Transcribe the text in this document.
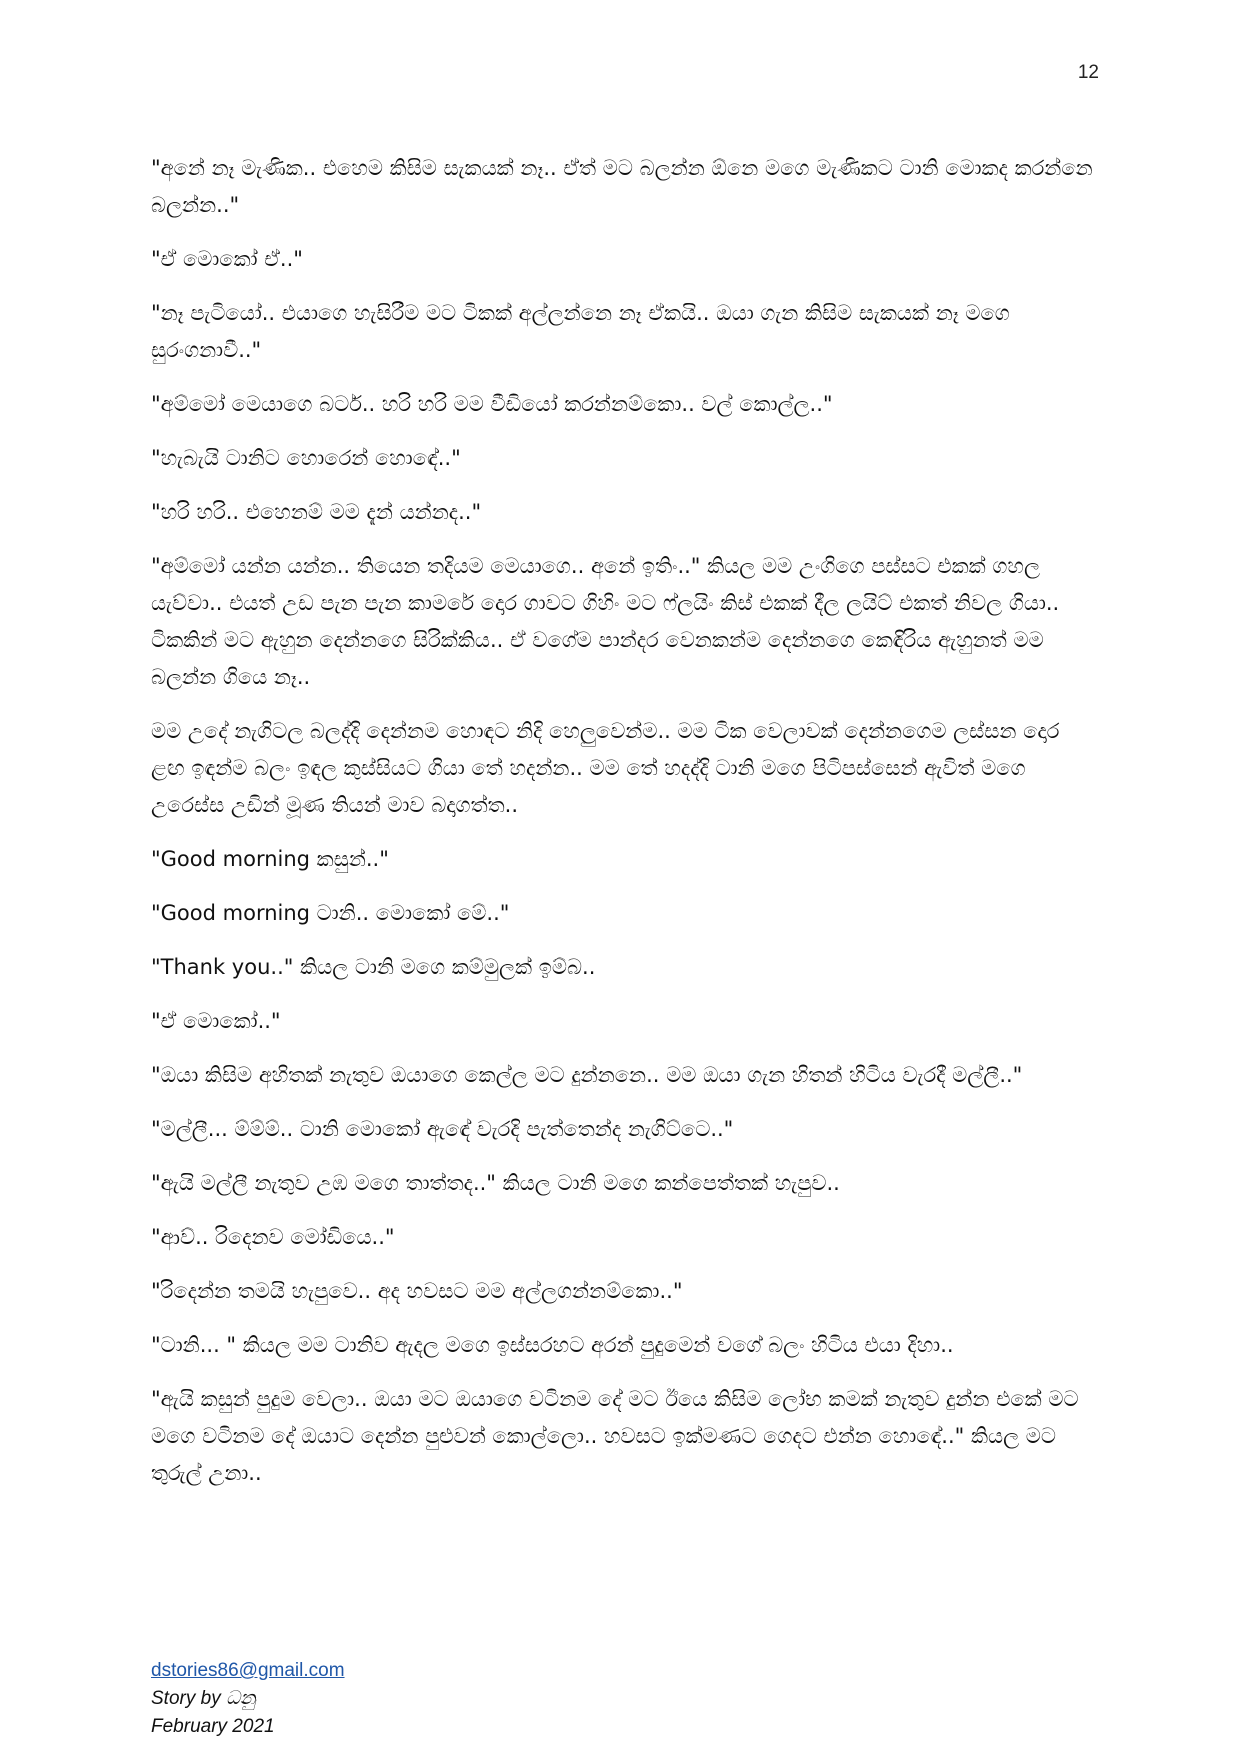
12

"අනේ නෑ මැණික.. එහෙම කිසිම සැකයක් නෑ.. ඒත් මට බලන්න ඕනෙ මගෙ මැණිකට ටානි මොකද කරන්නෙ බලන්න.."

"ඒ මොකෝ ඒ.."

"නෑ පැටියෝ.. එයාගෙ හැසිරීම මට ටිකක් අල්ලන්නෙ නෑ ඒකයි.. ඔයා ගැන කිසිම සැකයක් නෑ මගෙ සුරංගනාවී.."

"අම්මෝ මෙයාගෙ බටර්.. හරි හරි මම වීඩියෝ කරන්නම්කො.. වල් කොල්ල.."

"හැබැයි ටානිට හොරෙන් හොඳේ.."

"හරි හරි.. එහෙනම් මම දැන් යන්නද.."

"අම්මෝ යන්න යන්න.. තියෙන තදියම මෙයාගෙ.. අනේ ඉතිං.." කියල මම උංගිගෙ පස්සට එකක් ගහල යැව්වා.. එයත් උඩ පැන පැන කාමරේ දොර ගාවට ගිහිං මට ෆ්ලයිං කිස් එකක් දීල ලයිට් එකත් නිවල ගියා.. ටිකකින් මට ඇහුන දෙන්නගෙ සිරික්කිය.. ඒ වගේම පාන්දර වෙනකන්ම දෙන්නගෙ කෙඳිරිය ඇහුනත් මම බලන්න ගියෙ නෑ..

මම උදේ නැගිටල බලද්දි දෙන්නම හොඳට නිදි හෙලුවෙන්ම.. මම ටික වෙලාවක් දෙන්නගෙම ලස්සන දොර ළඟ ඉඳන්ම බලං ඉඳල කුස්සියට ගියා තේ හදන්න.. මම තේ හදද්දි ටානි මගෙ පිටිපස්සෙන් ඇවිත් මගෙ උරෙස්ස උඩින් මූණ තියන් මාව බදාගත්ත..

"Good morning කසුන්.."

"Good morning ටානි.. මොකෝ මේ.."

"Thank you.." කියල ටානි මගෙ කම්මුලක් ඉම්බ..

"ඒ මොකෝ.."

"ඔයා කිසිම අහිතක් නැතුව ඔයාගෙ කෙල්ල මට දුන්නනෙ.. මම ඔයා ගැන හිතන් හිටිය වැරදී මල්ලී.."

"මල්ලී... ම්ම්ම්.. ටානි මොකෝ ඇඳේ වැරදි පැත්තෙන්ද නැගිට්ටෙ.."

"ඇයි මල්ලී නැතුව උඹ මගෙ තාත්තද.." කියල ටානි මගෙ කන්පෙත්තක් හැපුව..

"ආව්.. රිදෙනව මෝඩියෙ.."

"රිදෙන්න තමයි හැපුවෙ.. අද හවසට මම අල්ලගන්නම්කො.."

"ටානි... " කියල මම ටානිව ඇදල මගෙ ඉස්සරහට අරන් පුදුමෙන් වගේ බලං හිටිය එයා දිහා..

"ඇයි කසුන් පුදුම වෙලා.. ඔයා මට ඔයාගෙ වටිනම දේ මට ඊයෙ කිසිම ලෝභ කමක් නැතුව දුන්න එකේ මට මගෙ වටිනම දේ ඔයාට දෙන්න පුළුවන් කොල්ලො.. හවසට ඉක්මණට ගෙදට එන්න හොඳේ.." කියල මට තුරුල් උනා..

dstories86@gmail.com
Story by ධනු
February 2021
